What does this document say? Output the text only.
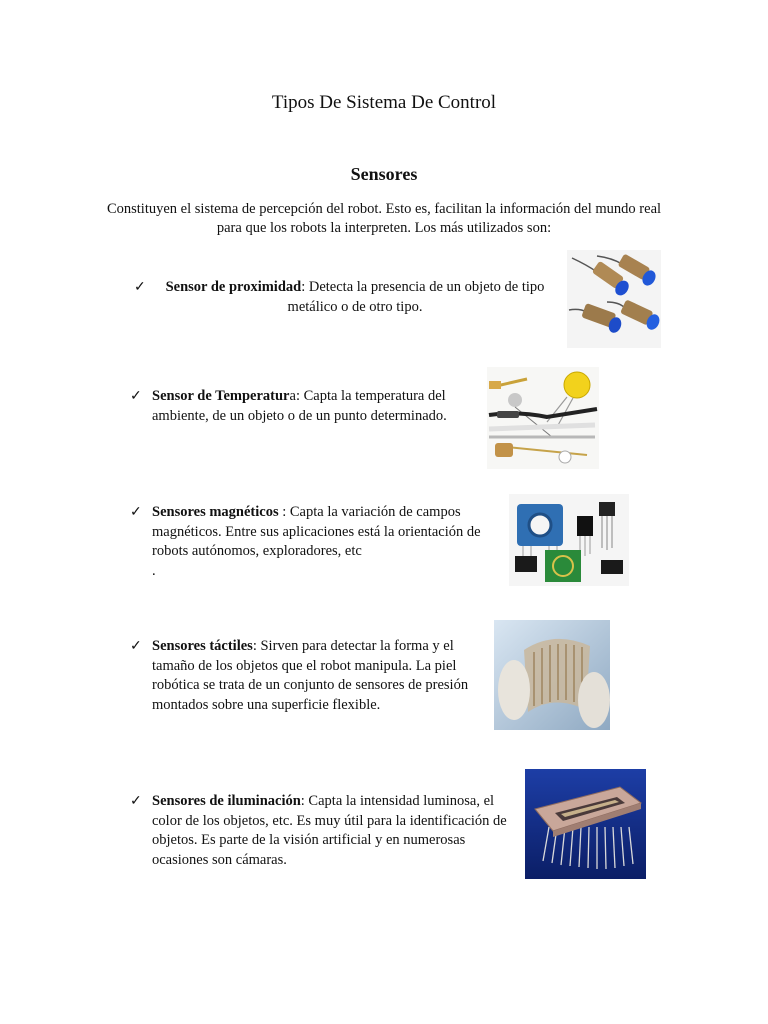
Tipos De Sistema De Control
Sensores
Constituyen el sistema de percepción del robot. Esto es, facilitan la información del mundo real para que los robots la interpreten. Los más utilizados son:
✓	Sensor de proximidad: Detecta la presencia de un objeto de tipo metálico o de otro tipo.

✓ Sensor de Temperatura: Capta la temperatura del ambiente, de un objeto o de un punto determinado.

✓ Sensores magnéticos : Capta la variación de campos magnéticos. Entre sus aplicaciones está la orientación de robots autónomos, exploradores, etc

.

✓ Sensores táctiles: Sirven para detectar la forma y el tamaño de los objetos que el robot manipula. La piel robótica se trata de un conjunto de sensores de presión montados sobre una superficie flexible.

✓ Sensores de iluminación: Capta la intensidad luminosa, el color de los objetos, etc. Es muy útil para la identificación de objetos. Es parte de la visión artificial y en numerosas ocasiones son cámaras.
